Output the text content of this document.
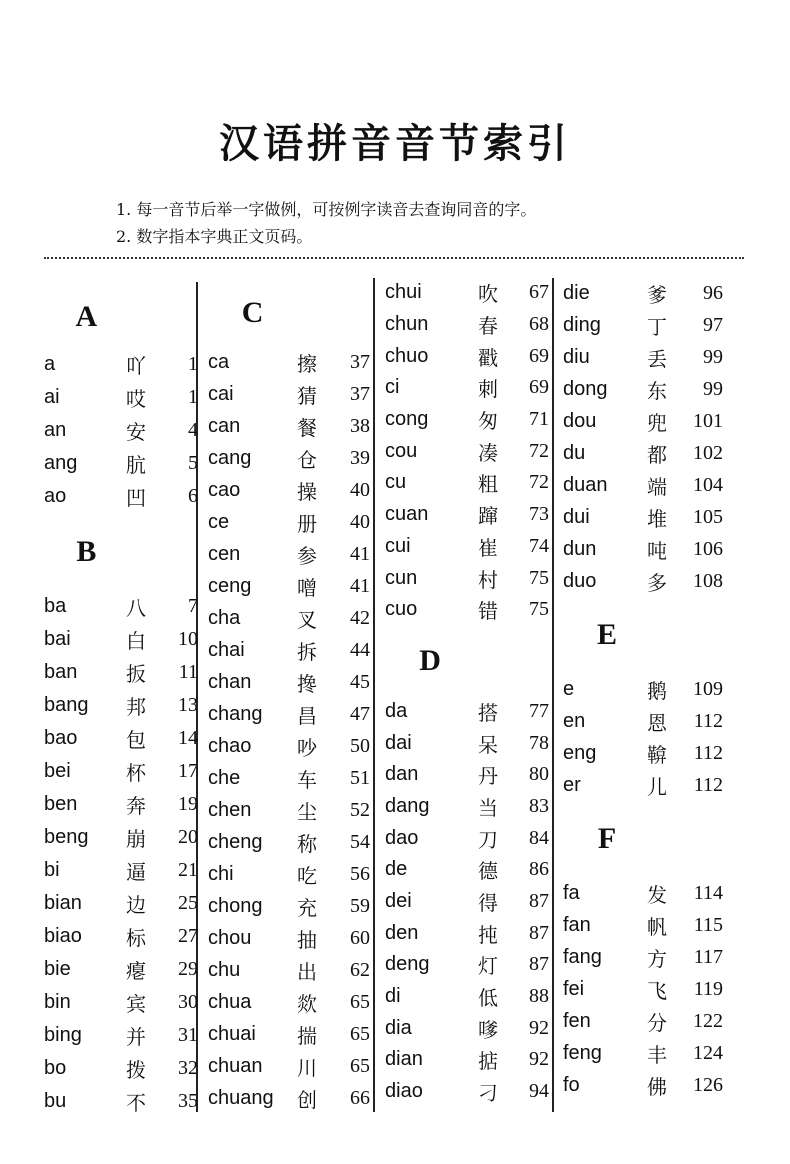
汉语拼音音节索引
1. 每一音节后举一字做例，可按例字读音去查询同音的字。
2. 数字指本字典正文页码。
A
a	吖	1
ai	哎	1
an	安	4
ang	肮	5
ao	凹	6
B
ba	八	7
bai	白	10
ban	扳	11
bang	邦	13
bao	包	14
bei	杯	17
ben	奔	19
beng	崩	20
bi	逼	21
bian	边	25
biao	标	27
bie	瘪	29
bin	宾	30
bing	并	31
bo	拨	32
bu	不	35
C
ca	擦	37
cai	猜	37
can	餐	38
cang	仓	39
cao	操	40
ce	册	40
cen	参	41
ceng	噌	41
cha	叉	42
chai	拆	44
chan	搀	45
chang	昌	47
chao	吵	50
che	车	51
chen	尘	52
cheng	称	54
chi	吃	56
chong	充	59
chou	抽	60
chu	出	62
chua	欻	65
chuai	揣	65
chuan	川	65
chuang	创	66
chui	吹	67
chun	春	68
chuo	戳	69
ci	刺	69
cong	匆	71
cou	凑	72
cu	粗	72
cuan	蹿	73
cui	崔	74
cun	村	75
cuo	错	75
D
da	搭	77
dai	呆	78
dan	丹	80
dang	当	83
dao	刀	84
de	德	86
dei	得	87
den	扽	87
deng	灯	87
di	低	88
dia	嗲	92
dian	掂	92
diao	刁	94
die	爹	96
ding	丁	97
diu	丢	99
dong	东	99
dou	兜	101
du	都	102
duan	端	104
dui	堆	105
dun	吨	106
duo	多	108
E
e	鹅	109
en	恩	112
eng	鞥	112
er	儿	112
F
fa	发	114
fan	帆	115
fang	方	117
fei	飞	119
fen	分	122
feng	丰	124
fo	佛	126
